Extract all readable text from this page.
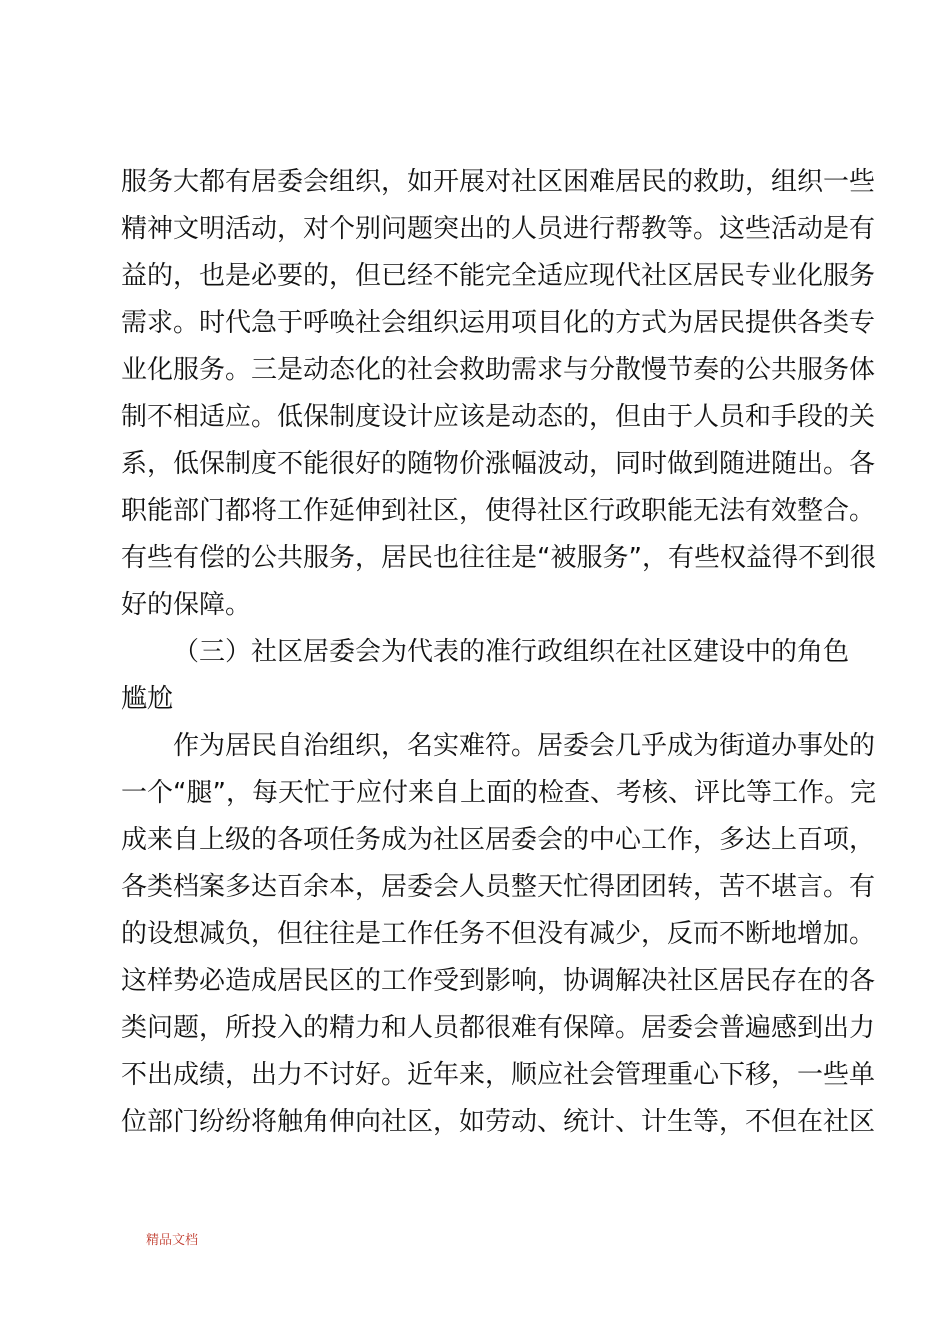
服务大都有居委会组织，如开展对社区困难居民的救助，组织一些
精神文明活动，对个别问题突出的人员进行帮教等。这些活动是有
益的，也是必要的，但已经不能完全适应现代社区居民专业化服务
需求。时代急于呼唤社会组织运用项目化的方式为居民提供各类专
业化服务。三是动态化的社会救助需求与分散慢节奏的公共服务体
制不相适应。低保制度设计应该是动态的，但由于人员和手段的关
系，低保制度不能很好的随物价涨幅波动，同时做到随进随出。各
职能部门都将工作延伸到社区，使得社区行政职能无法有效整合。
有些有偿的公共服务，居民也往往是“被服务”，有些权益得不到很
好的保障。
（三）社区居委会为代表的准行政组织在社区建设中的角色
尴尬
作为居民自治组织，名实难符。居委会几乎成为街道办事处的
一个“腿”，每天忙于应付来自上面的检查、考核、评比等工作。完
成来自上级的各项任务成为社区居委会的中心工作，多达上百项，
各类档案多达百余本，居委会人员整天忙得团团转，苦不堪言。有
的设想减负，但往往是工作任务不但没有减少，反而不断地增加。
这样势必造成居民区的工作受到影响，协调解决社区居民存在的各
类问题，所投入的精力和人员都很难有保障。居委会普遍感到出力
不出成绩，出力不讨好。近年来，顺应社会管理重心下移，一些单
位部门纷纷将触角伸向社区，如劳动、统计、计生等，不但在社区
精品文档
